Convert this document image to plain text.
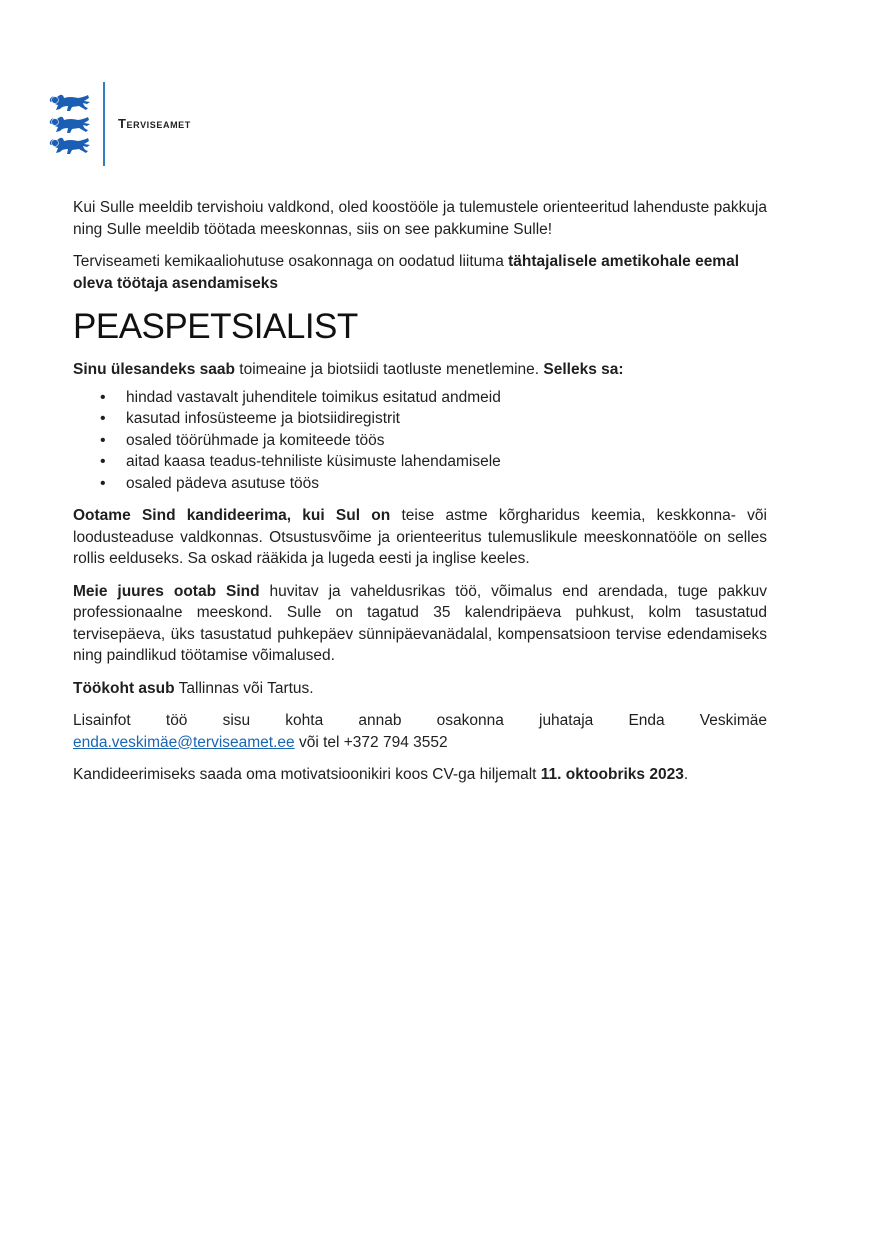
Terviseamet

Kui Sulle meeldib tervishoiu valdkond, oled koostööle ja tulemustele orienteeritud lahenduste pakkuja ning Sulle meeldib töötada meeskonnas, siis on see pakkumine Sulle!

Terviseameti kemikaaliohutuse osakonnaga on oodatud liituma tähtajalisele ametikohale eemal oleva töötaja asendamiseks

PEASPETSIALIST

Sinu ülesandeks saab toimeaine ja biotsiidi taotluste menetlemine. Selleks sa:

• hindad vastavalt juhenditele toimikus esitatud andmeid
• kasutad infosüsteeme ja biotsiidiregistrit
• osaled töörühmade ja komiteede töös
• aitad kaasa teadus-tehniliste küsimuste lahendamisele
• osaled pädeva asutuse töös

Ootame Sind kandideerima, kui Sul on teise astme kõrgharidus keemia, keskkonna- või loodusteaduse valdkonnas. Otsustusvõime ja orienteeritus tulemuslikule meeskonnatööle on selles rollis eelduseks. Sa oskad rääkida ja lugeda eesti ja inglise keeles.

Meie juures ootab Sind huvitav ja vaheldusrikas töö, võimalus end arendada, tuge pakkuv professionaalne meeskond. Sulle on tagatud 35 kalendripäeva puhkust, kolm tasustatud tervisepäeva, üks tasustatud puhkepäev sünnipäevanädalal, kompensatsioon tervise edendamiseks ning paindlikud töötamise võimalused.

Töökoht asub Tallinnas või Tartus.

Lisainfot töö sisu kohta annab osakonna juhataja Enda Veskimäe
enda.veskimäe@terviseamet.ee või tel +372 794 3552

Kandideerimiseks saada oma motivatsioonikiri koos CV-ga hiljemalt 11. oktoobriks 2023.
